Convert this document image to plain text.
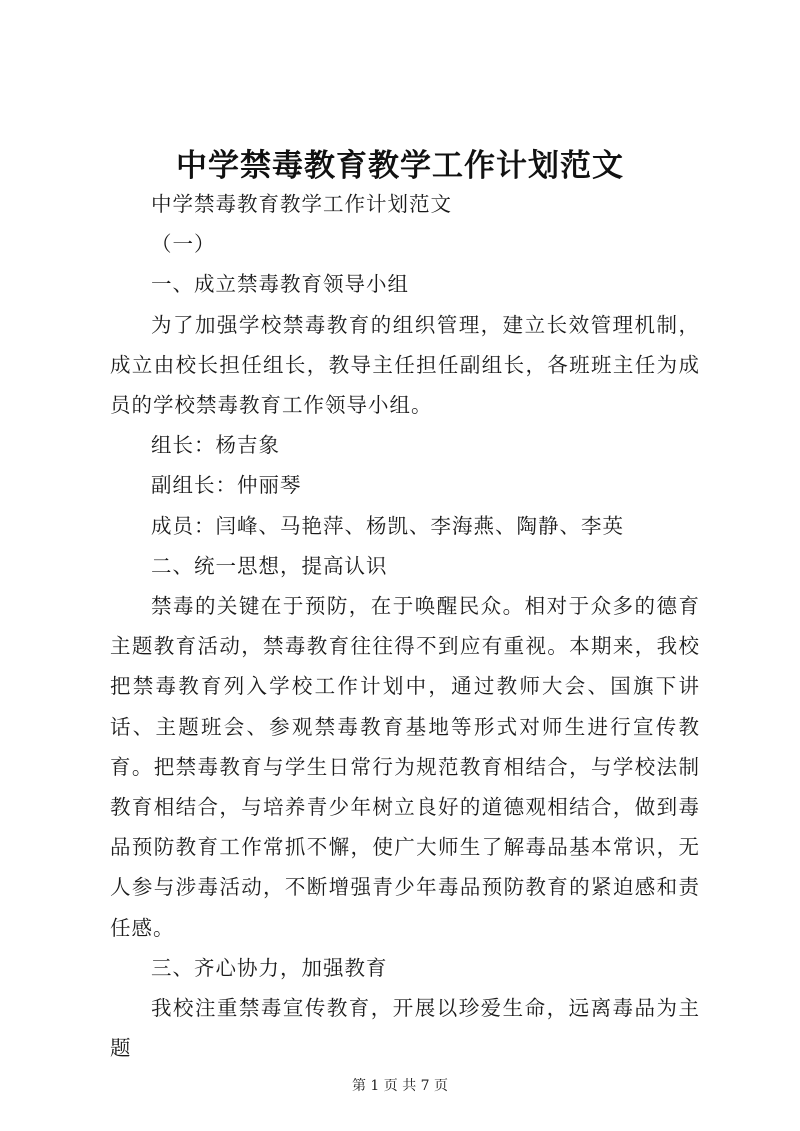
中学禁毒教育教学工作计划范文

中学禁毒教育教学工作计划范文

（一）

一、成立禁毒教育领导小组

为了加强学校禁毒教育的组织管理，建立长效管理机制，成立由校长担任组长，教导主任担任副组长，各班班主任为成员的学校禁毒教育工作领导小组。

组长：杨吉象

副组长：仲丽琴

成员：闫峰、马艳萍、杨凯、李海燕、陶静、李英

二、统一思想，提高认识

禁毒的关键在于预防，在于唤醒民众。相对于众多的德育主题教育活动，禁毒教育往往得不到应有重视。本期来，我校把禁毒教育列入学校工作计划中，通过教师大会、国旗下讲话、主题班会、参观禁毒教育基地等形式对师生进行宣传教育。把禁毒教育与学生日常行为规范教育相结合，与学校法制教育相结合，与培养青少年树立良好的道德观相结合，做到毒品预防教育工作常抓不懈，使广大师生了解毒品基本常识，无人参与涉毒活动，不断增强青少年毒品预防教育的紧迫感和责任感。

三、齐心协力，加强教育

我校注重禁毒宣传教育，开展以珍爱生命，远离毒品为主题

第 1 页 共 7 页
